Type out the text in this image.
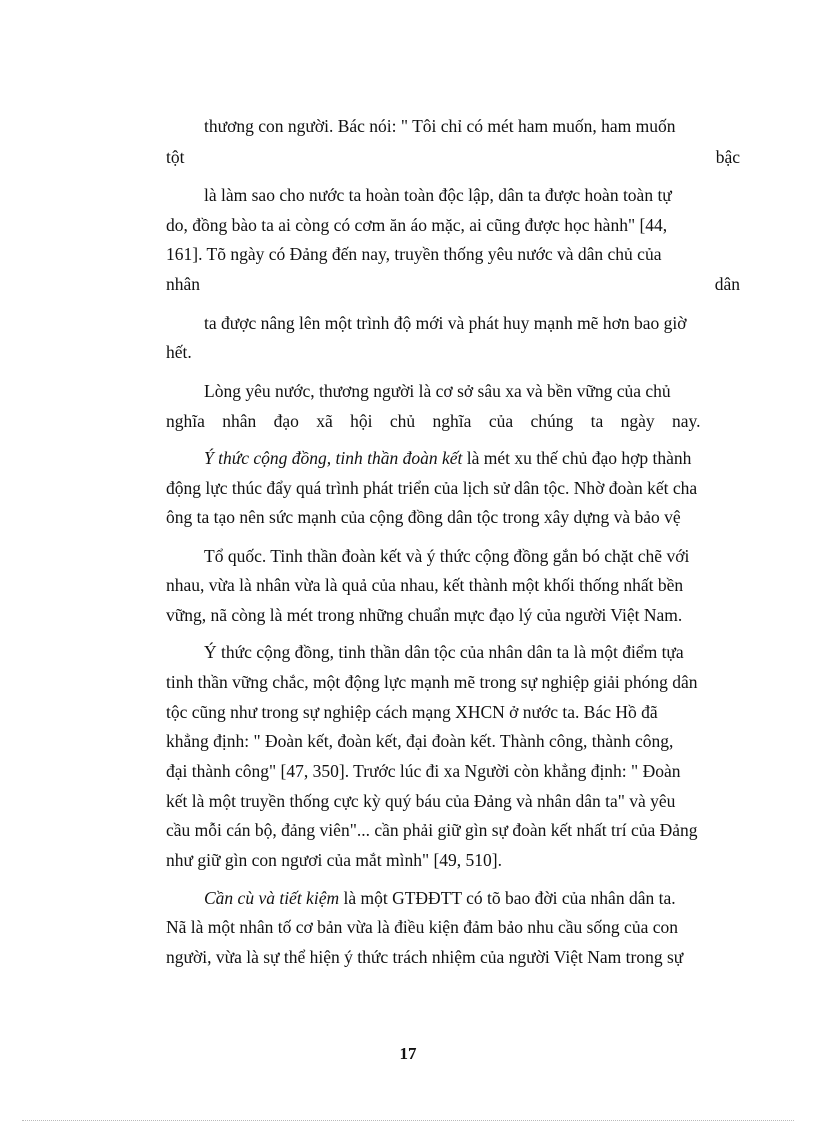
thương con người. Bác nói: " Tôi chỉ có mét ham muốn, ham muốn
tột	bậc
là làm sao cho nước ta hoàn toàn độc lập, dân ta được hoàn toàn tự
do, đồng bào ta ai còng có cơm ăn áo mặc, ai cũng được học hành" [44,
161]. Tõ ngày có Đảng đến nay, truyền thống yêu nước và dân chủ của
nhân	dân
ta được nâng lên một trình độ mới và phát huy mạnh mẽ hơn bao giờ
hết.
Lòng yêu nước, thương người là cơ sở sâu xa và bền vững của chủ
nghĩa nhân đạo xã hội chủ nghĩa của chúng ta ngày nay.
Ý thức cộng đồng, tinh thần đoàn kết là mét xu thế chủ đạo hợp thành
động lực thúc đẩy quá trình phát triển của lịch sử dân tộc. Nhờ đoàn kết cha
ông ta tạo nên sức mạnh của cộng đồng dân tộc trong xây dựng và bảo vệ
Tổ quốc. Tinh thần đoàn kết và ý thức cộng đồng gắn bó chặt chẽ với
nhau, vừa là nhân vừa là quả của nhau, kết thành một khối thống nhất bền
vững, nã còng là mét trong những chuẩn mực đạo lý của người Việt Nam.
Ý thức cộng đồng, tinh thần dân tộc của nhân dân ta là một điểm tựa
tinh thần vững chắc, một động lực mạnh mẽ trong sự nghiệp giải phóng dân
tộc cũng như trong sự nghiệp cách mạng XHCN ở nước ta. Bác Hồ đã
khẳng định: " Đoàn kết, đoàn kết, đại đoàn kết. Thành công, thành công,
đại thành công" [47, 350]. Trước lúc đi xa Người còn khẳng định: " Đoàn
kết là một truyền thống cực kỳ quý báu của Đảng và nhân dân ta" và yêu
cầu mỗi cán bộ, đảng viên"... cần phải giữ gìn sự đoàn kết nhất trí của Đảng
như giữ gìn con ngươi của mắt mình" [49, 510].
Cần cù và tiết kiệm là một GTĐĐTT có tõ bao đời của nhân dân ta.
Nã là một nhân tố cơ bản vừa là điều kiện đảm bảo nhu cầu sống của con
người, vừa là sự thể hiện ý thức trách nhiệm của người Việt Nam trong sự
17
